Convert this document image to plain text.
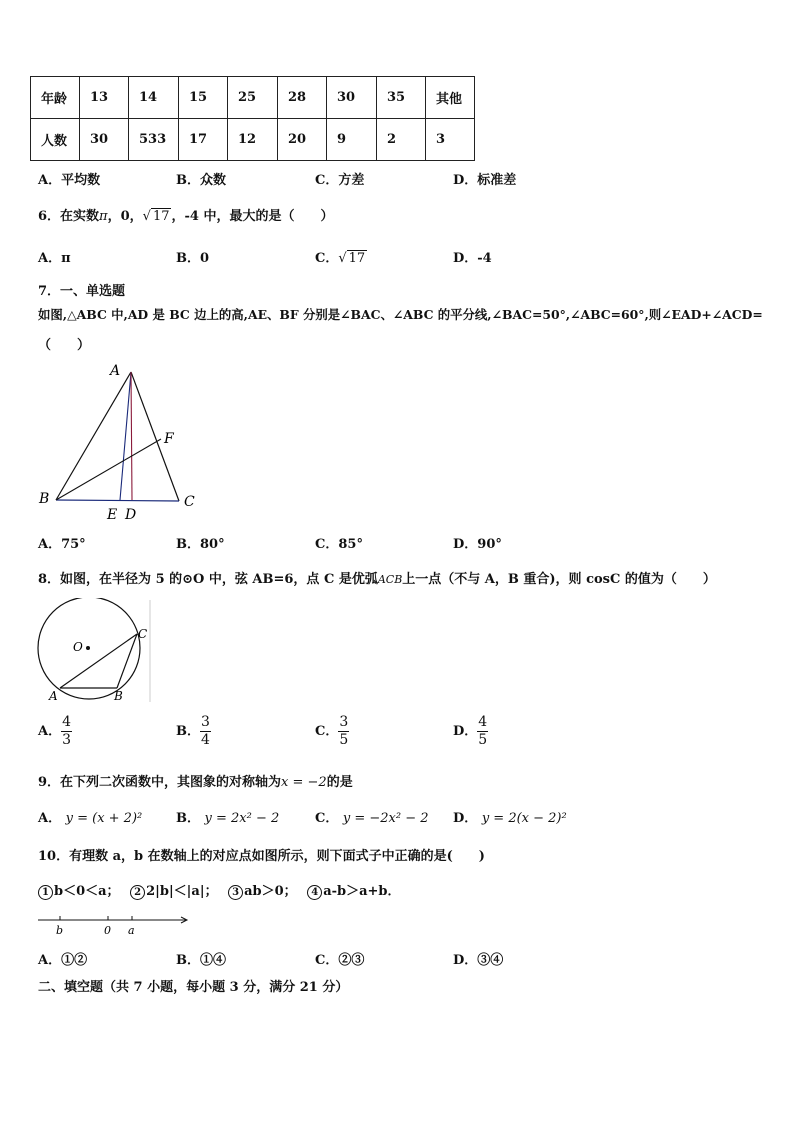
年龄	13	14	15	25	28	30	35	其他
人数	30	533	17	12	20	9	2	3
A．平均数	B．众数	C．方差	D．标准差
6．在实数π，0，√ 17 ，-4 中，最大的是（　　）
A．π	B．0	C．√ 17	D．-4
7．一、单选题
如图,△ABC 中,AD 是 BC 边上的高,AE、BF 分别是∠BAC、∠ABC 的平分线,∠BAC=50°,∠ABC=60°,则∠EAD+∠ACD=
（　　）
A
B	C
E D
F
A．75°	B．80°	C．85°	D．90°
8．如图，在半径为 5 的⊙O 中，弦 AB=6，点 C 是优弧ACB上一点（不与 A，B 重合)，则 cosC 的值为（　　）
O
A	B
C
A． $\frac{4}{3}$	B． $\frac{3}{4}$	C． $\frac{3}{5}$	D． $\frac{4}{5}$
9．在下列二次函数中，其图象的对称轴为x = −2的是
A． y = (x + 2)²	B． y = 2x² − 2	C． y = −2x² − 2 D． y = 2(x − 2)²
10．有理数 a，b 在数轴上的对应点如图所示，则下面式子中正确的是(　　)
1 b＜0＜a； 2 2|b|＜|a|； 3 ab＞0； 4 a-b＞a+b．
b	0 a
A．①②	B．①④	C．②③	D．③④
二、填空题（共 7 小题，每小题 3 分，满分 21 分）
